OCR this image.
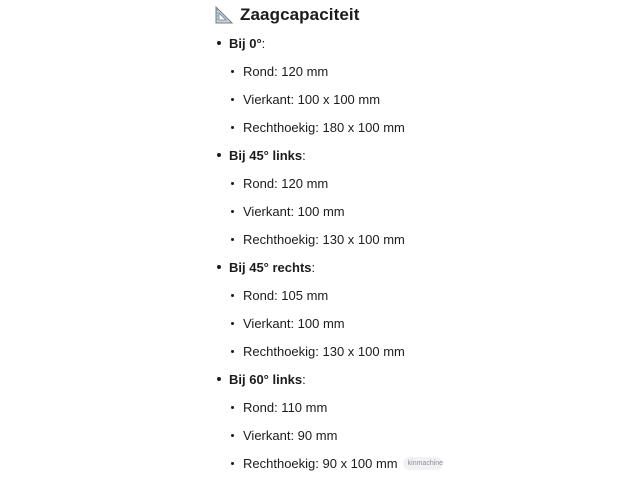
Zaagcapaciteit
Bij 0° :
Rond: 120 mm
Vierkant: 100 x 100 mm
Rechthoekig: 180 x 100 mm
Bij 45° links :
Rond: 120 mm
Vierkant: 100 mm
Rechthoekig: 130 x 100 mm
Bij 45° rechts :
Rond: 105 mm
Vierkant: 100 mm
Rechthoekig: 130 x 100 mm
Bij 60° links :
Rond: 110 mm
Vierkant: 90 mm
Rechthoekig: 90 x 100 mm	kinmachine
